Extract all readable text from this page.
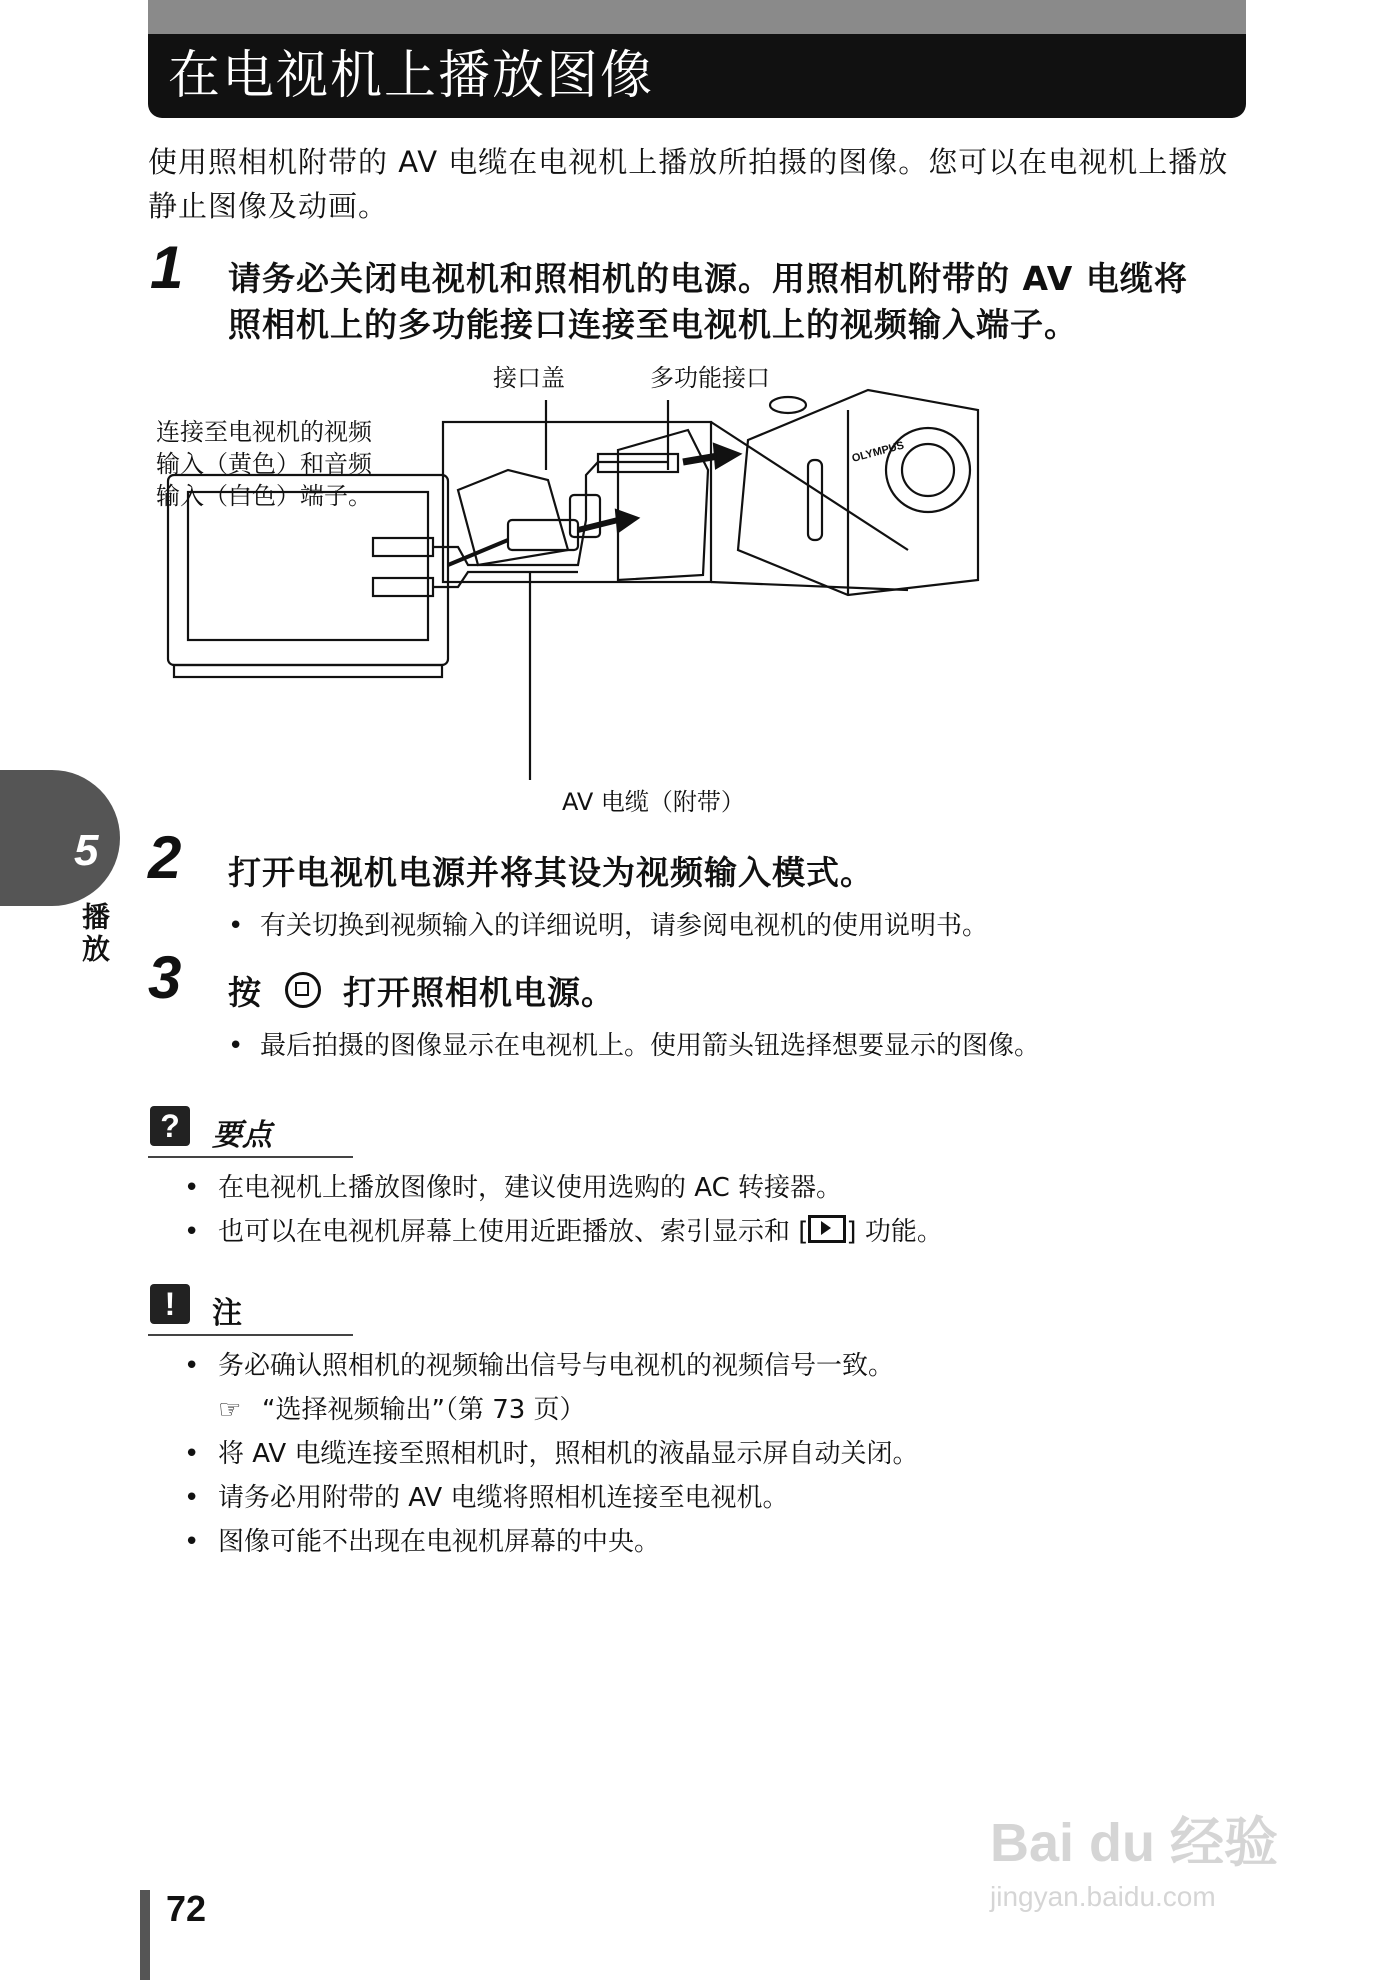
在电视机上播放图像
使用照相机附带的 AV 电缆在电视机上播放所拍摄的图像。您可以在电视机上播放静止图像及动画。
1 请务必关闭电视机和照相机的电源。用照相机附带的 AV 电缆将
照相机上的多功能接口连接至电视机上的视频输入端子。
接口盖	多功能接口
连接至电视机的视频
输入（黄色）和音频
输入（白色）端子。
AV 电缆（附带）
OLYMPUS
5
播放
2 打开电视机电源并将其设为视频输入模式。
• 有关切换到视频输入的详细说明，请参阅电视机的使用说明书。
3 按 打开照相机电源。
• 最后拍摄的图像显示在电视机上。使用箭头钮选择想要显示的图像。
?	要点
• 在电视机上播放图像时，建议使用选购的 AC 转接器。
• 也可以在电视机屏幕上使用近距播放、索引显示和 [ ] 功能。
!	注
• 务必确认照相机的视频输出信号与电视机的视频信号一致。
☞ “选择视频输出”（第 73 页）
• 将 AV 电缆连接至照相机时，照相机的液晶显示屏自动关闭。
• 请务必用附带的 AV 电缆将照相机连接至电视机。
• 图像可能不出现在电视机屏幕的中央。
72
Bai du 经验
jingyan.baidu.com
